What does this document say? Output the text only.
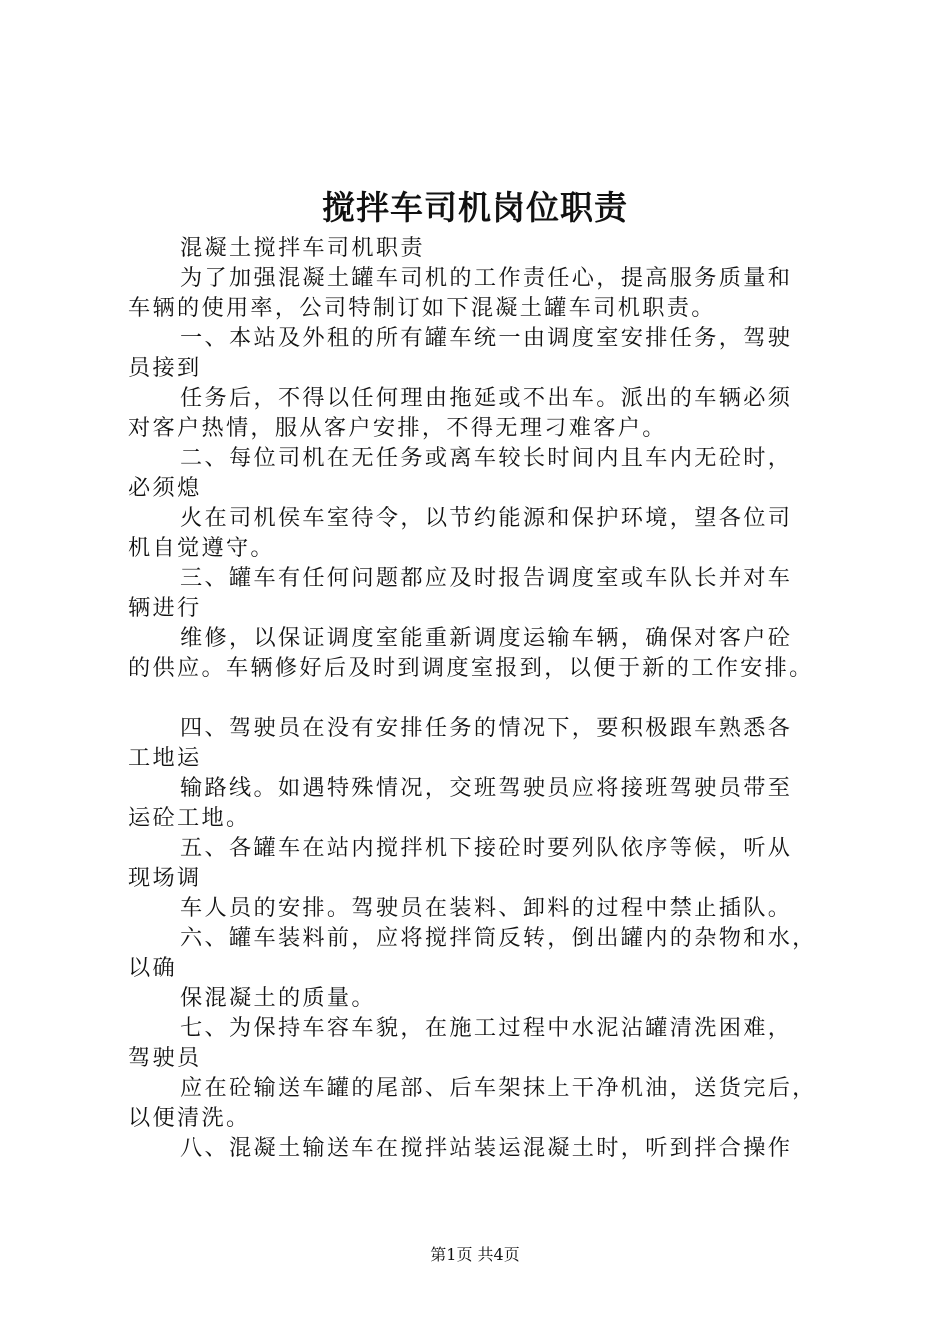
搅拌车司机岗位职责
混凝土搅拌车司机职责
为了加强混凝土罐车司机的工作责任心，提高服务质量和
车辆的使用率，公司特制订如下混凝土罐车司机职责。
一、本站及外租的所有罐车统一由调度室安排任务，驾驶
员接到
任务后，不得以任何理由拖延或不出车。派出的车辆必须
对客户热情，服从客户安排，不得无理刁难客户。
二、每位司机在无任务或离车较长时间内且车内无砼时，
必须熄
火在司机侯车室待令，以节约能源和保护环境，望各位司
机自觉遵守。
三、罐车有任何问题都应及时报告调度室或车队长并对车
辆进行
维修，以保证调度室能重新调度运输车辆，确保对客户砼
的供应。车辆修好后及时到调度室报到，以便于新的工作安排。
四、驾驶员在没有安排任务的情况下，要积极跟车熟悉各
工地运
输路线。如遇特殊情况，交班驾驶员应将接班驾驶员带至
运砼工地。
五、各罐车在站内搅拌机下接砼时要列队依序等候，听从
现场调
车人员的安排。驾驶员在装料、卸料的过程中禁止插队。
六、罐车装料前，应将搅拌筒反转，倒出罐内的杂物和水，
以确
保混凝土的质量。
七、为保持车容车貌，在施工过程中水泥沾罐清洗困难，
驾驶员
应在砼输送车罐的尾部、后车架抹上干净机油，送货完后，
以便清洗。
八、混凝土输送车在搅拌站装运混凝土时，听到拌合操作
第1页 共4页
